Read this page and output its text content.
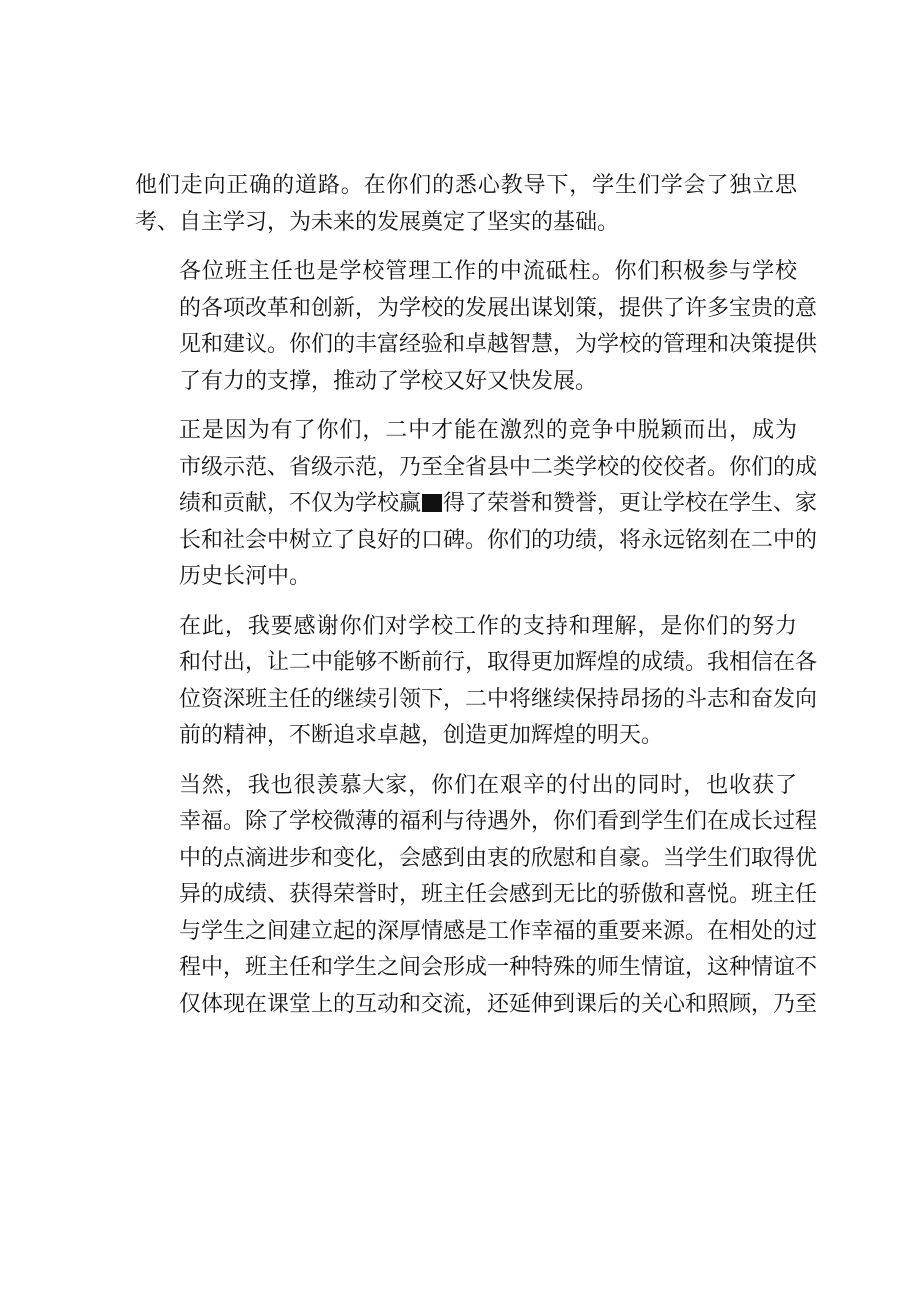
他们走向正确的道路。在你们的悉心教导下，学生们学会了独立思
考、自主学习，为未来的发展奠定了坚实的基础。

各位班主任也是学校管理工作的中流砥柱。你们积极参与学校
的各项改革和创新，为学校的发展出谋划策，提供了许多宝贵的意
见和建议。你们的丰富经验和卓越智慧，为学校的管理和决策提供
了有力的支撑，推动了学校又好又快发展。

正是因为有了你们，二中才能在激烈的竞争中脱颖而出，成为
市级示范、省级示范，乃至全省县中二类学校的佼佼者。你们的成
绩和贡献，不仅为学校赢 得了荣誉和赞誉，更让学校在学生、家
长和社会中树立了良好的口碑。你们的功绩，将永远铭刻在二中的
历史长河中。

在此，我要感谢你们对学校工作的支持和理解，是你们的努力
和付出，让二中能够不断前行，取得更加辉煌的成绩。我相信在各
位资深班主任的继续引领下，二中将继续保持昂扬的斗志和奋发向
前的精神，不断追求卓越，创造更加辉煌的明天。

当然，我也很羡慕大家，你们在艰辛的付出的同时，也收获了
幸福。除了学校微薄的福利与待遇外，你们看到学生们在成长过程
中的点滴进步和变化，会感到由衷的欣慰和自豪。当学生们取得优
异的成绩、获得荣誉时，班主任会感到无比的骄傲和喜悦。班主任
与学生之间建立起的深厚情感是工作幸福的重要来源。在相处的过
程中，班主任和学生之间会形成一种特殊的师生情谊，这种情谊不
仅体现在课堂上的互动和交流，还延伸到课后的关心和照顾，乃至
